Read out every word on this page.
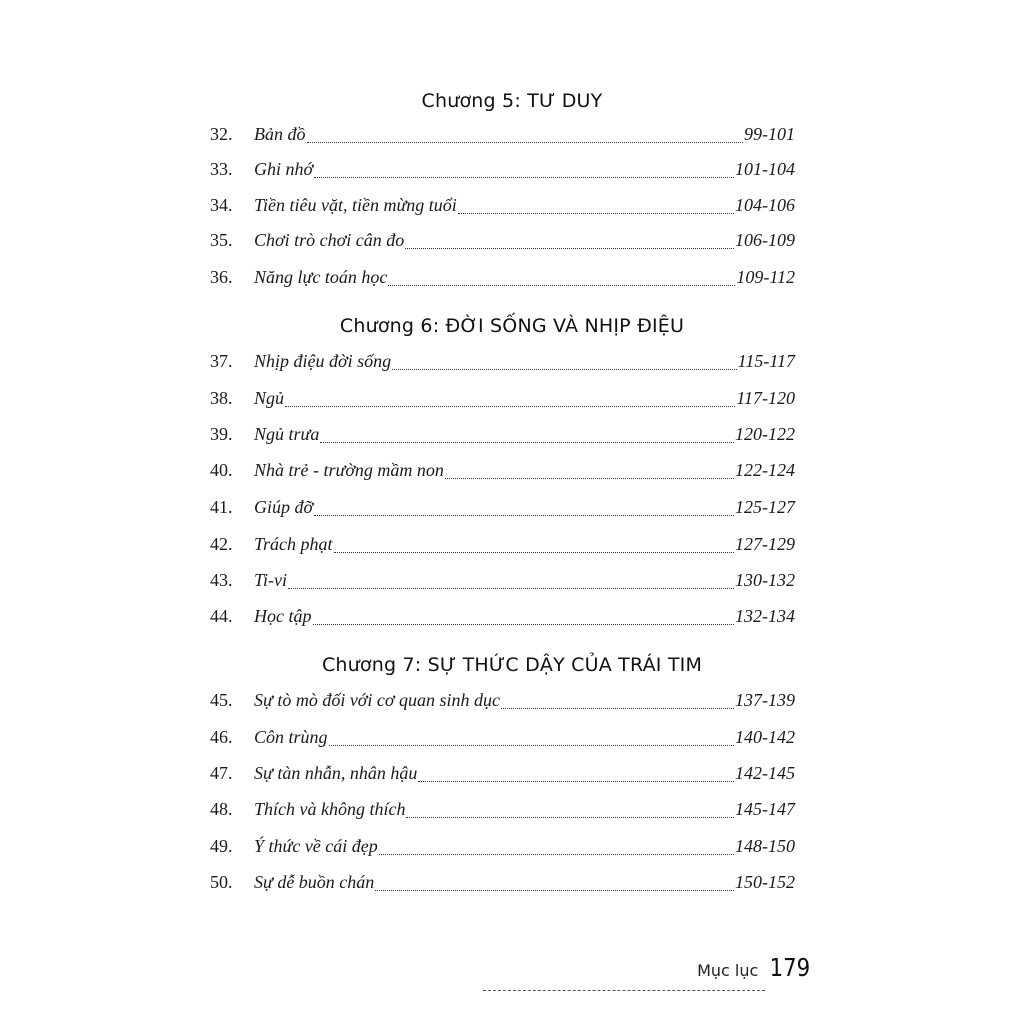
Chương 5: TƯ DUY
32.	Bản đồ	99-101
33.	Ghi nhớ	101-104
34.	Tiền tiêu vặt, tiền mừng tuổi	104-106
35.	Chơi trò chơi cân đo	106-109
36.	Năng lực toán học	109-112
Chương 6: ĐỜI SỐNG VÀ NHỊP ĐIỆU
37.	Nhịp điệu đời sống	115-117
38.	Ngủ	117-120
39.	Ngủ trưa	120-122
40.	Nhà trẻ - trường mầm non	122-124
41.	Giúp đỡ	125-127
42.	Trách phạt	127-129
43.	Ti-vi	130-132
44.	Học tập	132-134
Chương 7: SỰ THỨC DẬY CỦA TRÁI TIM
45.	Sự tò mò đối với cơ quan sinh dục	137-139
46.	Côn trùng	140-142
47.	Sự tàn nhẫn, nhân hậu	142-145
48.	Thích và không thích	145-147
49.	Ý thức về cái đẹp	148-150
50.	Sự dễ buồn chán	150-152
Mục lục 179
